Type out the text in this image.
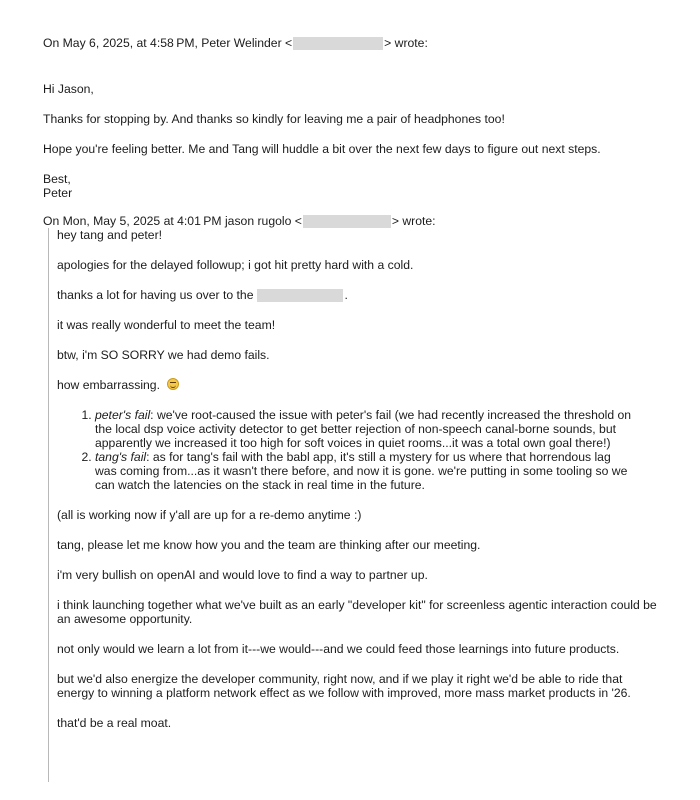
On May 6, 2025, at 4:58 PM, Peter Welinder <	> wrote:

Hi Jason,

Thanks for stopping by. And thanks so kindly for leaving me a pair of headphones too!

Hope you're feeling better. Me and Tang will huddle a bit over the next few days to figure out next steps.

Best,

Peter

On Mon, May 5, 2025 at 4:01 PM jason rugolo <	> wrote:

hey tang and peter!

apologies for the delayed followup; i got hit pretty hard with a cold.

thanks a lot for having us over to the	.

it was really wonderful to meet the team!

btw, i'm SO SORRY we had demo fails.

how embarrassing.

1. peter's fail: we've root-caused the issue with peter's fail (we had recently increased the threshold on the local dsp voice activity detector to get better rejection of non-speech canal-borne sounds, but apparently we increased it too high for soft voices in quiet rooms...it was a total own goal there!)
2. tang's fail: as for tang's fail with the babl app, it's still a mystery for us where that horrendous lag was coming from...as it wasn't there before, and now it is gone. we're putting in some tooling so we can watch the latencies on the stack in real time in the future.

(all is working now if y'all are up for a re-demo anytime :)

tang, please let me know how you and the team are thinking after our meeting.

i'm very bullish on openAI and would love to find a way to partner up.

i think launching together what we've built as an early "developer kit" for screenless agentic interaction could be an awesome opportunity.

not only would we learn a lot from it---we would---and we could feed those learnings into future products.

but we'd also energize the developer community, right now, and if we play it right we'd be able to ride that energy to winning a platform network effect as we follow with improved, more mass market products in '26.

that'd be a real moat.
